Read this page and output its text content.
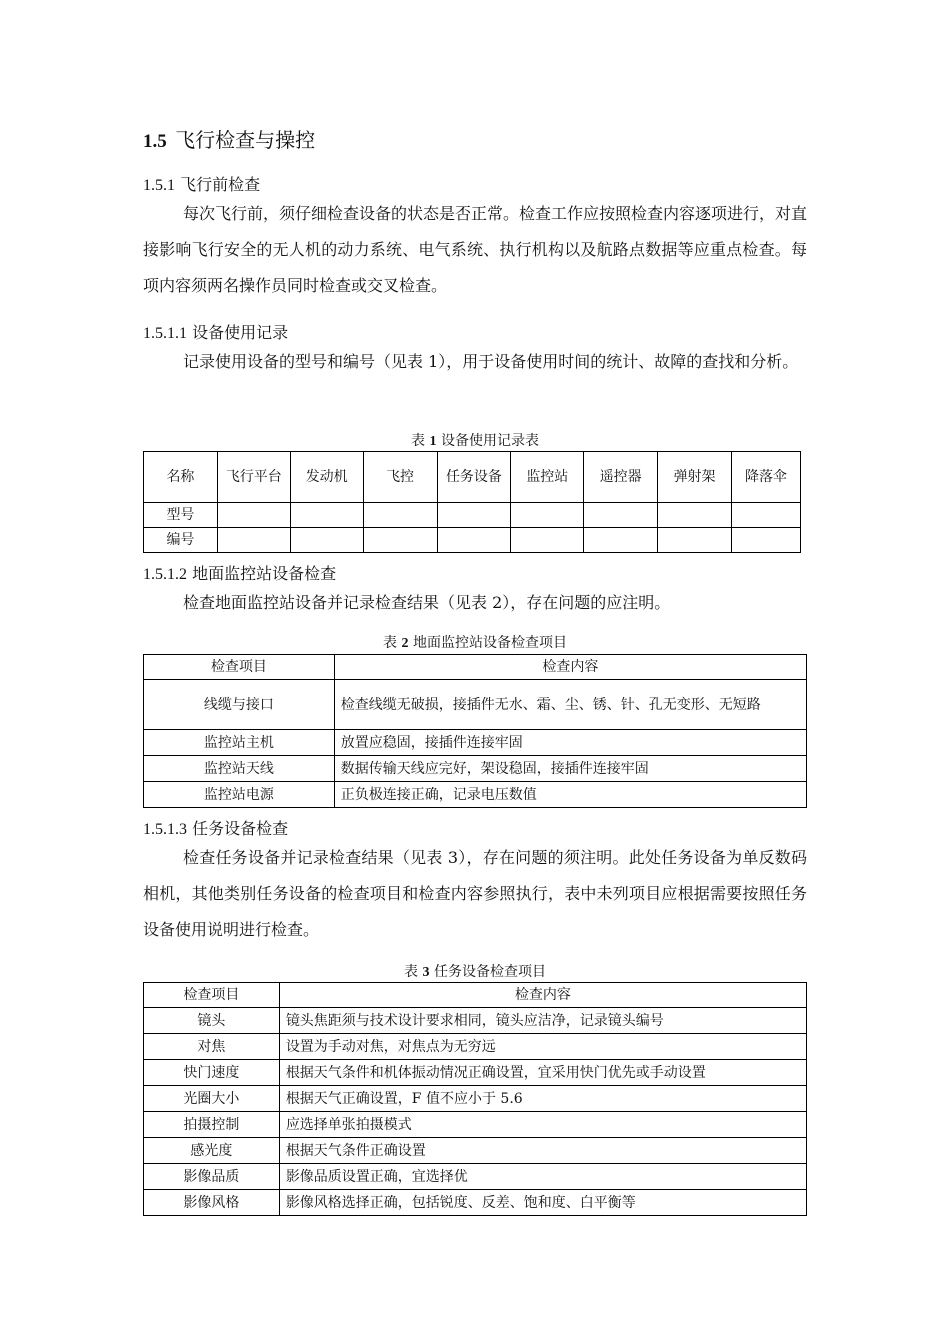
1.5 飞行检查与操控
1.5.1 飞行前检查
每次飞行前，须仔细检查设备的状态是否正常。检查工作应按照检查内容逐项进行，对直接影响飞行安全的无人机的动力系统、电气系统、执行机构以及航路点数据等应重点检查。每项内容须两名操作员同时检查或交叉检查。
1.5.1.1 设备使用记录
记录使用设备的型号和编号（见表 1），用于设备使用时间的统计、故障的查找和分析。
表 1 设备使用记录表
名称	飞行平台	发动机	飞控	任务设备	监控站	遥控器	弹射架	降落伞
型号								
编号								
1.5.1.2 地面监控站设备检查
检查地面监控站设备并记录检查结果（见表 2），存在问题的应注明。
表 2 地面监控站设备检查项目
检查项目	检查内容
线缆与接口	检查线缆无破损，接插件无水、霜、尘、锈、针、孔无变形、无短路
监控站主机	放置应稳固，接插件连接牢固
监控站天线	数据传输天线应完好，架设稳固，接插件连接牢固
监控站电源	正负极连接正确，记录电压数值
1.5.1.3 任务设备检查
检查任务设备并记录检查结果（见表 3），存在问题的须注明。此处任务设备为单反数码相机，其他类别任务设备的检查项目和检查内容参照执行，表中未列项目应根据需要按照任务设备使用说明进行检查。
表 3 任务设备检查项目
检查项目	检查内容
镜头	镜头焦距须与技术设计要求相同，镜头应洁净，记录镜头编号
对焦	设置为手动对焦，对焦点为无穷远
快门速度	根据天气条件和机体振动情况正确设置，宜采用快门优先或手动设置
光圈大小	根据天气正确设置，F 值不应小于 5.6
拍摄控制	应选择单张拍摄模式
感光度	根据天气条件正确设置
影像品质	影像品质设置正确，宜选择优
影像风格	影像风格选择正确，包括锐度、反差、饱和度、白平衡等
